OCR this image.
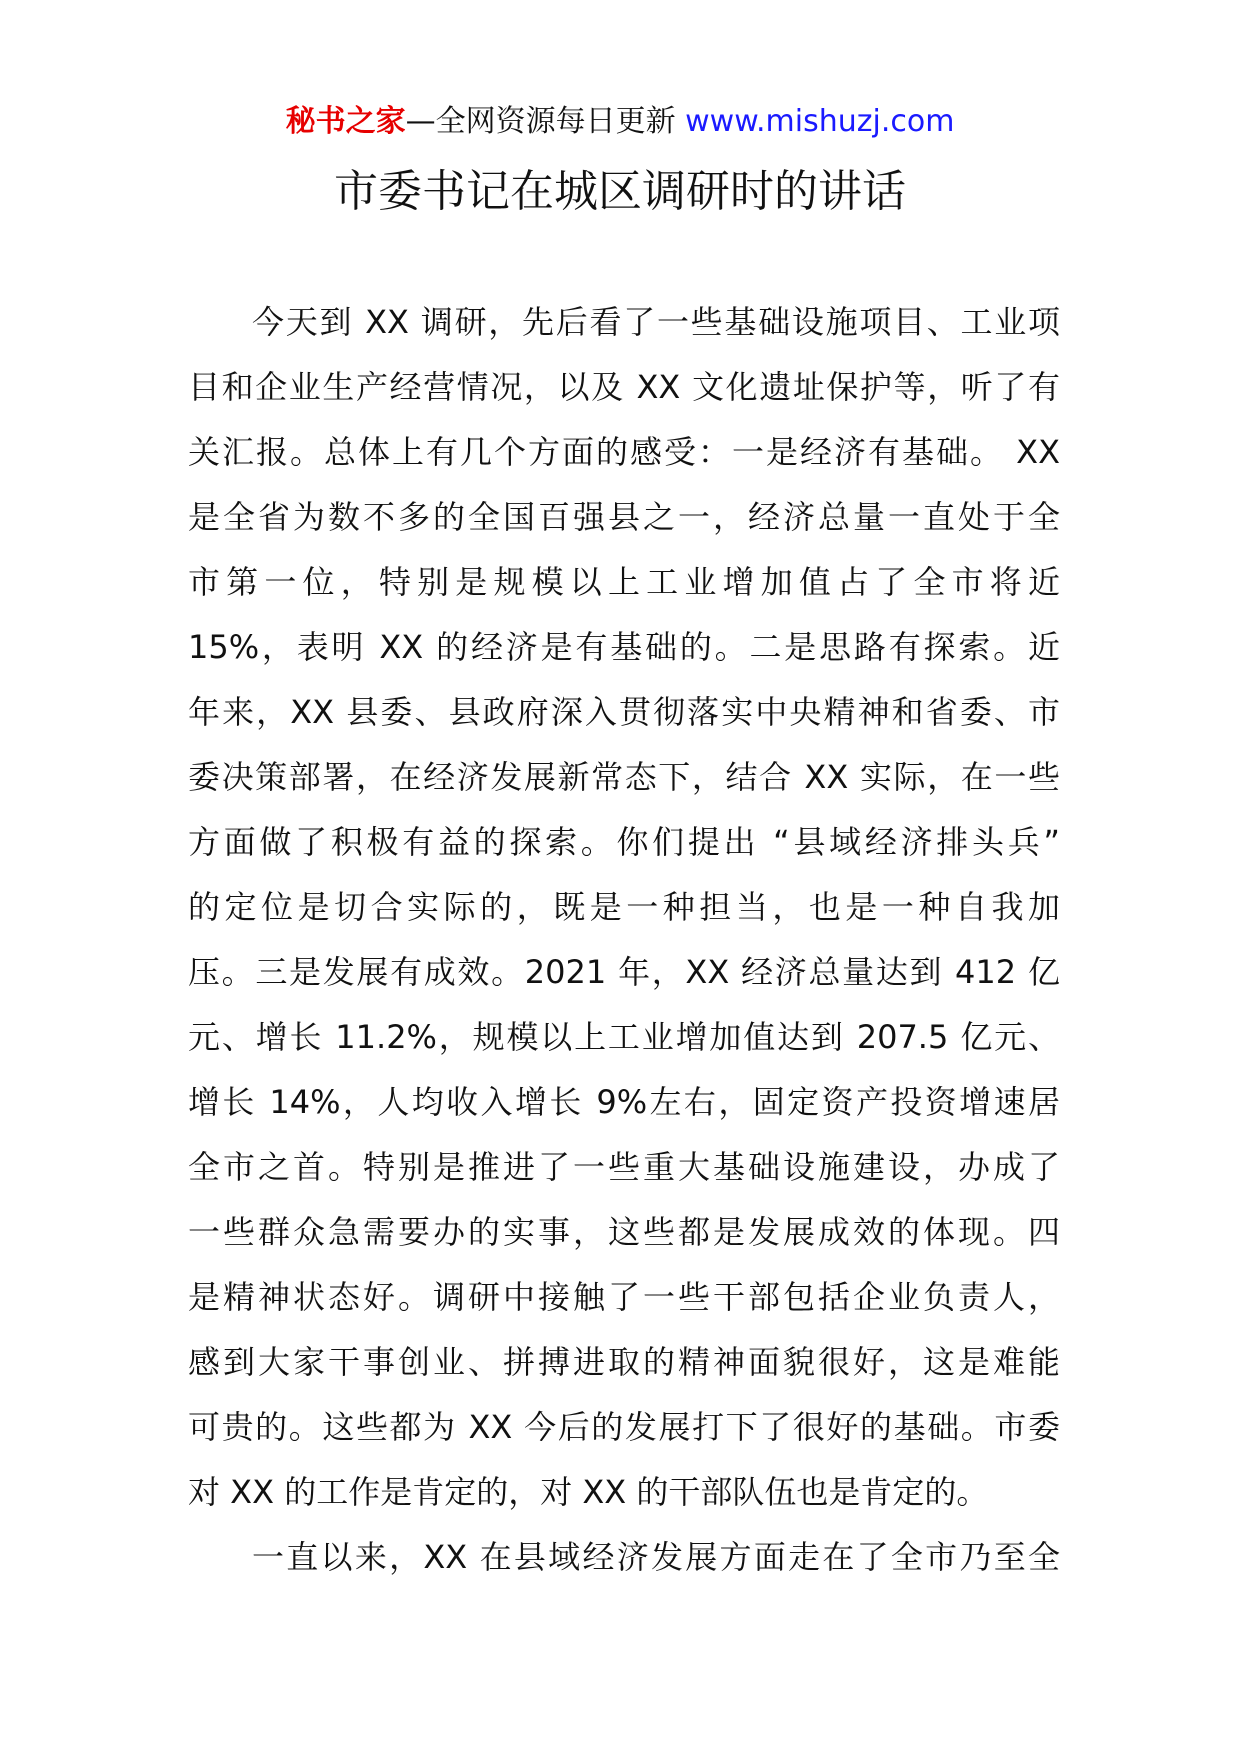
秘书之家—全网资源每日更新 www.mishuzj.com
市委书记在城区调研时的讲话
今天到 XX 调研，先后看了一些基础设施项目、工业项
目和企业生产经营情况，以及 XX 文化遗址保护等，听了有
关汇报。总体上有几个方面的感受：一是经济有基础。 XX
是全省为数不多的全国百强县之一，经济总量一直处于全
市第一位，特别是规模以上工业增加值占了全市将近
15%，表明 XX 的经济是有基础的。二是思路有探索。近
年来，XX 县委、县政府深入贯彻落实中央精神和省委、市
委决策部署，在经济发展新常态下，结合 XX 实际，在一些
方面做了积极有益的探索。你们提出 “县域经济排头兵”
的定位是切合实际的，既是一种担当，也是一种自我加
压。三是发展有成效。2021 年，XX 经济总量达到 412 亿
元、增长 11.2%，规模以上工业增加值达到 207.5 亿元、
增长 14%，人均收入增长 9%左右，固定资产投资增速居
全市之首。特别是推进了一些重大基础设施建设，办成了
一些群众急需要办的实事，这些都是发展成效的体现。四
是精神状态好。调研中接触了一些干部包括企业负责人，
感到大家干事创业、拼搏进取的精神面貌很好，这是难能
可贵的。这些都为 XX 今后的发展打下了很好的基础。市委
对 XX 的工作是肯定的，对 XX 的干部队伍也是肯定的。
一直以来，XX 在县域经济发展方面走在了全市乃至全
